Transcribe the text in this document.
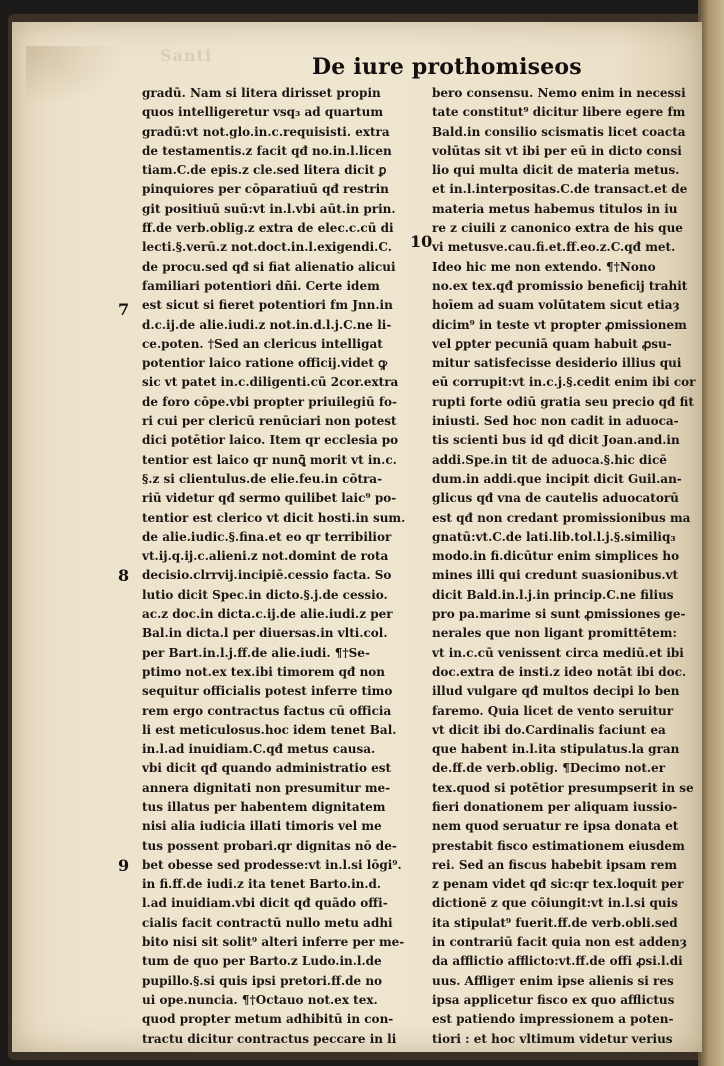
Santi	De iure prothomiseos
gradū. Nam si litera dirisset propin
quos intelligeretur vsq₃ ad quartum
gradū:vt not.glo.in.c.requisisti. extra
de testamentis.z facit qđ no.in.l.licen
tiam.C.de epis.z cle.sed litera dicit ꝑ
pinquiores per cōparatiuū qđ restrin
git positiuū suū:vt in.l.vbi aūt.in prin.
ff.de verb.oblig.z extra de elec.c.cū di
lecti.§.verū.z not.doct.in.l.exigendi.C.
de procu.sed qđ si fiat alienatio alicui
familiari potentiori dñi. Certe idem
est sicut si fieret potentiori fm Jnn.in
d.c.ij.de alie.iudi.z not.in.d.l.j.C.ne li-
ce.poten. †Sed an clericus intelligat
potentior laico ratione officij.videt ꝙ
sic vt patet in.c.diligenti.cū 2cor.extra
de foro cōpe.vbi propter priuilegiū fo-
ri cui per clericū renūciari non potest
dici potētior laico. Item qr ecclesia po
tentior est laico qr nunꝗ̄ morit vt in.c.
§.z si clientulus.de elie.feu.in cōtra-
riū videtur qđ sermo quilibet laic⁹ po-
tentior est clerico vt dicit hosti.in sum.
de alie.iudic.§.fina.et eo qr terribilior
vt.ij.q.ij.c.alieni.z not.domint de rota
decisio.clrrvij.incipiē.cessio facta. So
lutio dicit Spec.in dicto.§.j.de cessio.
ac.z doc.in dicta.c.ij.de alie.iudi.z per
Bal.in dicta.l per diuersas.in vlti.col.
per Bart.in.l.j.ff.de alie.iudi. ¶†Se-
ptimo not.ex tex.ibi timorem qđ non
sequitur officialis potest inferre timo
rem ergo contractus factus cū officia
li est meticulosus.hoc idem tenet Bal.
in.l.ad inuidiam.C.qđ metus causa.
vbi dicit qđ quando administratio est
annera dignitati non presumitur me-
tus illatus per habentem dignitatem
nisi alia iudicia illati timoris vel me
tus possent probari.qr dignitas nō de-
bet obesse sed prodesse:vt in.l.si lōgi⁹.
in fi.ff.de iudi.z ita tenet Barto.in.d.
l.ad inuidiam.vbi dicit qđ quādo offi-
cialis facit contractū nullo metu adhi
bito nisi sit solit⁹ alteri inferre per me-
tum de quo per Barto.z Ludo.in.l.de
pupillo.§.si quis ipsi pretori.ff.de no
ui ope.nuncia. ¶†Octauo not.ex tex.
quod propter metum adhibitū in con-
tractu dicitur contractus peccare in li
bero consensu. Nemo enim in necessi
tate constitut⁹ dicitur libere egere fm
Bald.in consilio scismatis licet coacta
volūtas sit vt ibi per eū in dicto consi
lio qui multa dicit de materia metus.
et in.l.interpositas.C.de transact.et de
materia metus habemus titulos in iu
re z ciuili z canonico extra de his que
vi metusve.cau.fi.et.ff.eo.z.C.qđ met.
Ideo hic me non extendo. ¶†Nono
no.ex tex.qđ promissio beneficij trahit
hoīem ad suam volūtatem sicut etiaȝ
dicim⁹ in teste vt propter ꝓmissionem
vel ꝑpter pecuniā quam habuit ꝓsu-
mitur satisfecisse desiderio illius qui
eū corrupit:vt in.c.j.§.cedit enim ibi cor
rupti forte odiū gratia seu precio qđ fit
iniusti. Sed hoc non cadit in aduoca-
tis scienti bus id qđ dicit Joan.and.in
addi.Spe.in tit de aduoca.§.hic dicē
dum.in addi.que incipit dicit Guil.an-
glicus qđ vna de cautelis aduocatorū
est qđ non credant promissionibus ma
gnatū:vt.C.de lati.lib.tol.l.j.§.similiq₃
modo.in fi.dicūtur enim simplices ho
mines illi qui credunt suasionibus.vt
dicit Bald.in.l.j.in princip.C.ne filius
pro pa.marime si sunt ꝓmissiones ge-
nerales que non ligant promittētem:
vt in.c.cū venissent circa mediū.et ibi
doc.extra de insti.z ideo notāt ibi doc.
illud vulgare qđ multos decipi lo ben
faremo. Quia licet de vento seruitur
vt dicit ibi do.Cardinalis faciunt ea
que habent in.l.ita stipulatus.la gran
de.ff.de verb.oblig. ¶Decimo not.er
tex.quod si potētior presumpserit in se
fieri donationem per aliquam iussio-
nem quod seruatur re ipsa donata et
prestabit fisco estimationem eiusdem
rei. Sed an fiscus habebit ipsam rem
z penam videt qđ sic:qr tex.loquit per
dictionē z que cōiungit:vt in.l.si quis
ita stipulat⁹ fuerit.ff.de verb.obli.sed
in contrariū facit quia non est addenȝ
da afflictio afflicto:vt.ff.de offi ꝓsi.l.di
uus. Affligeт enim ipse alienis si res
ipsa applicetur fisco ex quo afflictus
est patiendo impressionem a poten-
tiori : et hoc vltimum videtur verius
7
8
9
10
